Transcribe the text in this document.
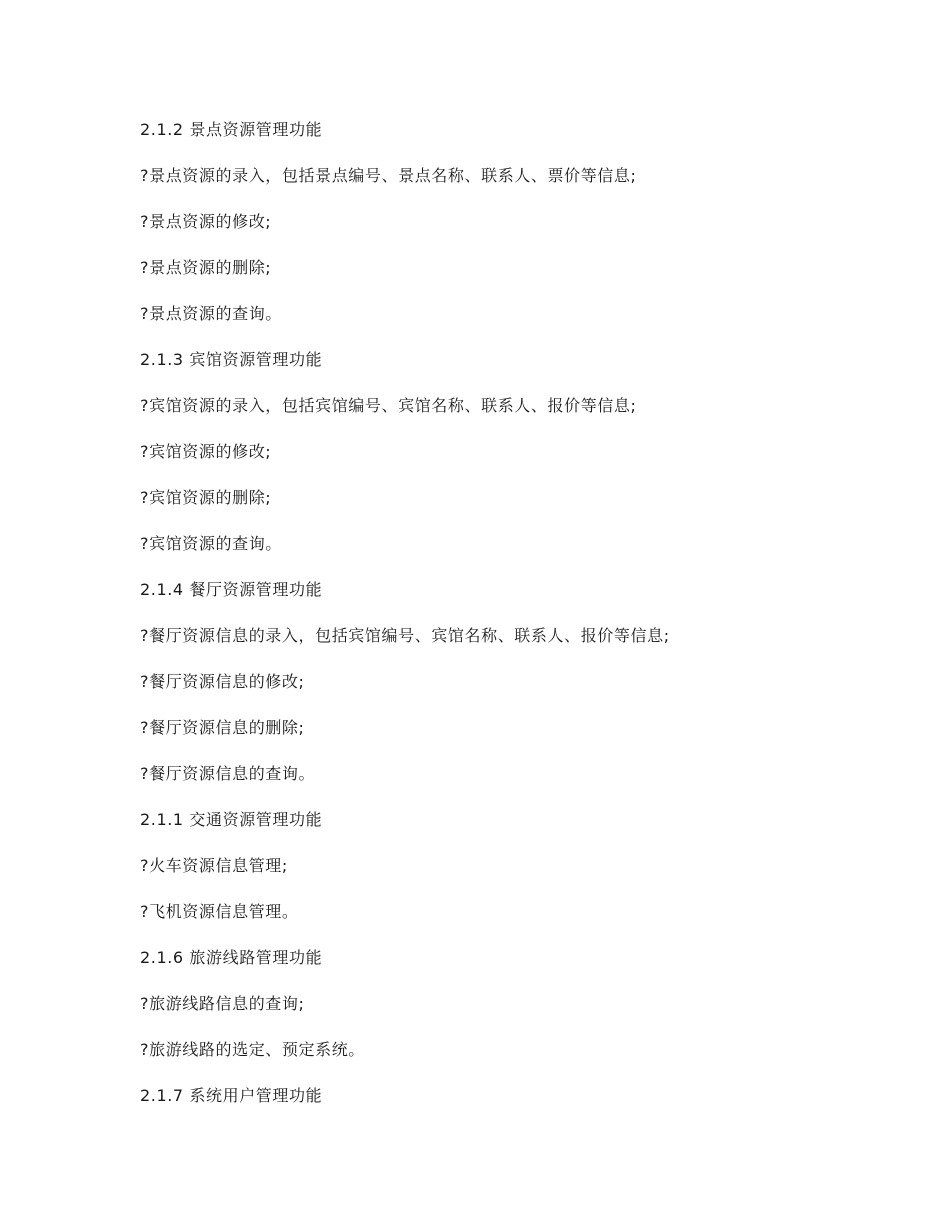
2.1.2 景点资源管理功能
?景点资源的录入，包括景点编号、景点名称、联系人、票价等信息;
?景点资源的修改;
?景点资源的删除;
?景点资源的查询。
2.1.3 宾馆资源管理功能
?宾馆资源的录入，包括宾馆编号、宾馆名称、联系人、报价等信息;
?宾馆资源的修改;
?宾馆资源的删除;
?宾馆资源的查询。
2.1.4 餐厅资源管理功能
?餐厅资源信息的录入，包括宾馆编号、宾馆名称、联系人、报价等信息;
?餐厅资源信息的修改;
?餐厅资源信息的删除;
?餐厅资源信息的查询。
2.1.1 交通资源管理功能
?火车资源信息管理;
?飞机资源信息管理。
2.1.6 旅游线路管理功能
?旅游线路信息的查询;
?旅游线路的选定、预定系统。
2.1.7 系统用户管理功能
